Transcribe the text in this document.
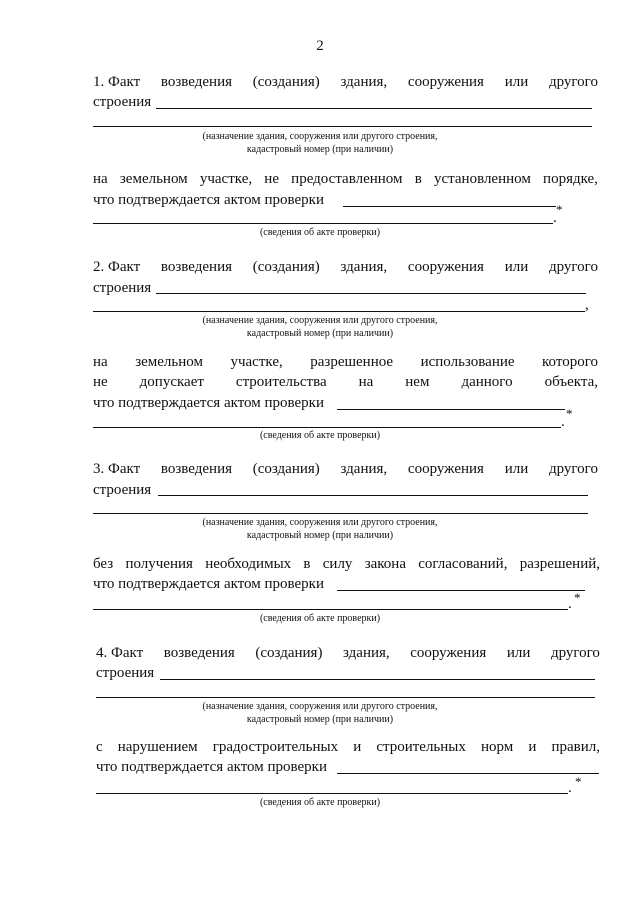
2
1. Факт возведения (создания) здания, сооружения или другого
строения
(назначение здания, сооружения или другого строения,
кадастровый номер (при наличии)
на земельном участке, не предоставленном в установленном порядке,
что подтверждается актом проверки
*
.
(сведения об акте проверки)
2. Факт возведения (создания) здания, сооружения или другого
строения
,
(назначение здания, сооружения или другого строения,
кадастровый номер (при наличии)
на земельном участке, разрешенное использование которого
не допускает строительства на нем данного объекта,
что подтверждается актом проверки
*
.
(сведения об акте проверки)
3. Факт возведения (создания) здания, сооружения или другого
строения
(назначение здания, сооружения или другого строения,
кадастровый номер (при наличии)
без получения необходимых в силу закона согласований, разрешений,
что подтверждается актом проверки
*
.
(сведения об акте проверки)
4. Факт возведения (создания) здания, сооружения или другого
строения
(назначение здания, сооружения или другого строения,
кадастровый номер (при наличии)
с нарушением градостроительных и строительных норм и правил,
что подтверждается актом проверки
*
.
(сведения об акте проверки)
